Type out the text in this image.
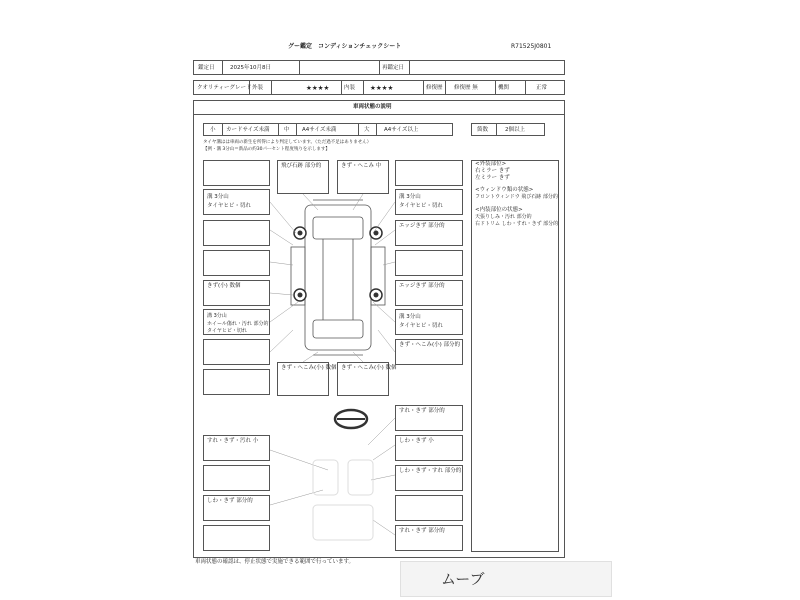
グー鑑定　コンディションチェックシート	R71525J0801
鑑定日	2025年10月8日	再鑑定日
クオリティーグレード 外装	★★★★	内装 ★★★★	修復歴 修復歴 無	機関	正常
車両状態の説明
小 カードサイズ未満	中 A4サイズ未満	大	A4サイズ以上	箇数	2個以上
タイヤ溝はは車両の新生を所得により判定しています。（ただ過不足はありません）
【例・溝 3分山＝新品の約30パーセント程度残りを示します】
溝 3分山
タイヤヒビ・切れ
きず(小) 数個
溝 3分山
ホイール傷れ・汚れ 部分的
タイヤヒビ・切れ
飛び石跡 部分的	きず・へこみ 中
きず・へこみ(小) 数個 きず・へこみ(小) 数個
溝 3分山
タイヤヒビ・切れ
エッジきず 部分的
エッジきず 部分的
溝 3分山
タイヤヒビ・切れ
きず・へこみ(小) 部分的
<外装部位>
右ミラー きず
左ミラー きず
<ウィンドウ類の状態>
フロントウィンドウ 飛び石跡 部分的
<内装部位の状態>
天張りしみ・汚れ 部分的
右ドトリム しわ・すれ・きず 部分的
すれ・きず・汚れ 小
しわ・きず 部分的
すれ・きず 部分的
しわ・きず 小
しわ・きず・すれ 部分的
すれ・きず 部分的
車両状態の確認は、停止状態で実施できる範囲で行っています。
ムーブ
